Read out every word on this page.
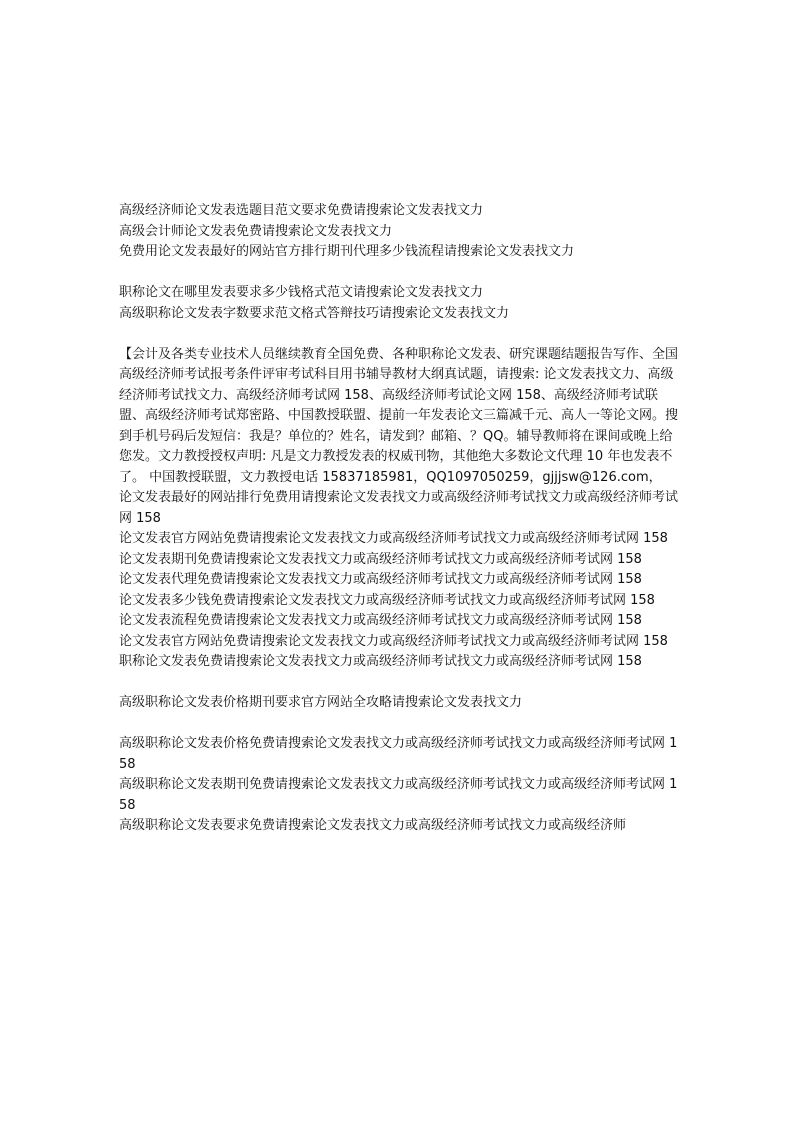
高级经济师论文发表选题目范文要求免费请搜索论文发表找文力
高级会计师论文发表免费请搜索论文发表找文力
免费用论文发表最好的网站官方排行期刊代理多少钱流程请搜索论文发表找文力
职称论文在哪里发表要求多少钱格式范文请搜索论文发表找文力
高级职称论文发表字数要求范文格式答辩技巧请搜索论文发表找文力

【会计及各类专业技术人员继续教育全国免费、各种职称论文发表、研究课题结题报告写作、全国高级经济师考试报考条件评审考试科目用书辅导教材大纲真试题，请搜索: 论文发表找文力、高级经济师考试找文力、高级经济师考试网 158、高级经济师考试论文网 158、高级经济师考试联盟、高级经济师考试郑密路、中国教授联盟、提前一年发表论文三篇减千元、高人一等论文网。搜到手机号码后发短信：我是？单位的？姓名，请发到？邮箱、？QQ。辅导教师将在课间或晚上给您发。文力教授授权声明: 凡是文力教授发表的权威刊物，其他绝大多数论文代理 10 年也发表不了。 中国教授联盟，文力教授电话 15837185981，QQ1097050259，gjjjsw@126.com，

论文发表最好的网站排行免费用请搜索论文发表找文力或高级经济师考试找文力或高级经济师考试网 158

论文发表官方网站免费请搜索论文发表找文力或高级经济师考试找文力或高级经济师考试网 158

论文发表期刊免费请搜索论文发表找文力或高级经济师考试找文力或高级经济师考试网 158

论文发表代理免费请搜索论文发表找文力或高级经济师考试找文力或高级经济师考试网 158

论文发表多少钱免费请搜索论文发表找文力或高级经济师考试找文力或高级经济师考试网 158

论文发表流程免费请搜索论文发表找文力或高级经济师考试找文力或高级经济师考试网 158

论文发表官方网站免费请搜索论文发表找文力或高级经济师考试找文力或高级经济师考试网 158

职称论文发表免费请搜索论文发表找文力或高级经济师考试找文力或高级经济师考试网 158

高级职称论文发表价格期刊要求官方网站全攻略请搜索论文发表找文力

高级职称论文发表价格免费请搜索论文发表找文力或高级经济师考试找文力或高级经济师考试网 158

高级职称论文发表期刊免费请搜索论文发表找文力或高级经济师考试找文力或高级经济师考试网 158

高级职称论文发表要求免费请搜索论文发表找文力或高级经济师考试找文力或高级经济师
